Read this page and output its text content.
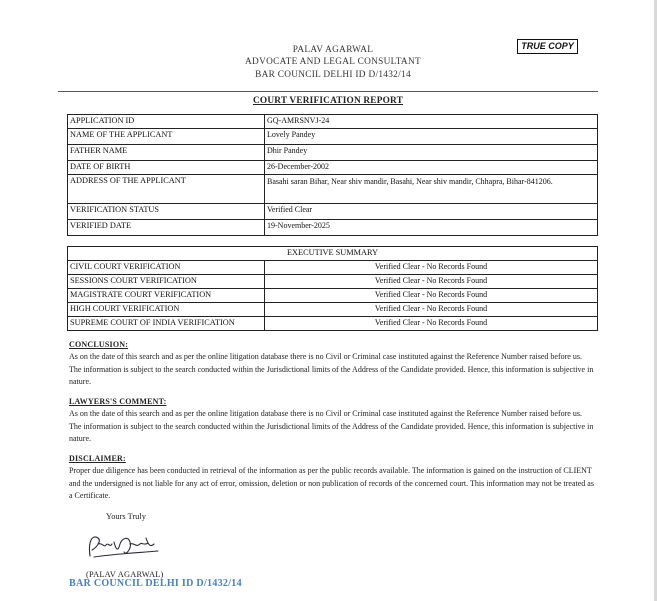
PALAV AGARWAL
ADVOCATE AND LEGAL CONSULTANT
BAR COUNCIL DELHI ID D/1432/14
TRUE COPY
COURT VERIFICATION REPORT
APPLICATION ID	GQ-AMRSNVJ-24
NAME OF THE APPLICANT	Lovely Pandey
FATHER NAME	Dhir Pandey
DATE OF BIRTH	26-December-2002
ADDRESS OF THE APPLICANT	Basahi saran Bihar, Near shiv mandir, Basahi, Near shiv mandir, Chhapra, Bihar-841206.
VERIFICATION STATUS	Verified Clear
VERIFIED DATE	19-November-2025
EXECUTIVE SUMMARY	
CIVIL COURT VERIFICATION	Verified Clear - No Records Found
SESSIONS COURT VERIFICATION	Verified Clear - No Records Found
MAGISTRATE COURT VERIFICATION	Verified Clear - No Records Found
HIGH COURT VERIFICATION	Verified Clear - No Records Found
SUPREME COURT OF INDIA VERIFICATION	Verified Clear - No Records Found
CONCLUSION:
As on the date of this search and as per the online litigation database there is no Civil or Criminal case instituted against the Reference Number raised before us. The information is subject to the search conducted within the Jurisdictional limits of the Address of the Candidate provided. Hence, this information is subjective in nature.
LAWYERS'S COMMENT:
As on the date of this search and as per the online litigation database there is no Civil or Criminal case instituted against the Reference Number raised before us. The information is subject to the search conducted within the Jurisdictional limits of the Address of the Candidate provided. Hence, this information is subjective in nature.
DISCLAIMER:
Proper due diligence has been conducted in retrieval of the information as per the public records available. The information is gained on the instruction of CLIENT and the undersigned is not liable for any act of error, omission, deletion or non publication of records of the concerned court. This information may not be treated as a Certificate.
Yours Truly
(PALAV AGARWAL)
BAR COUNCIL DELHI ID D/1432/14
